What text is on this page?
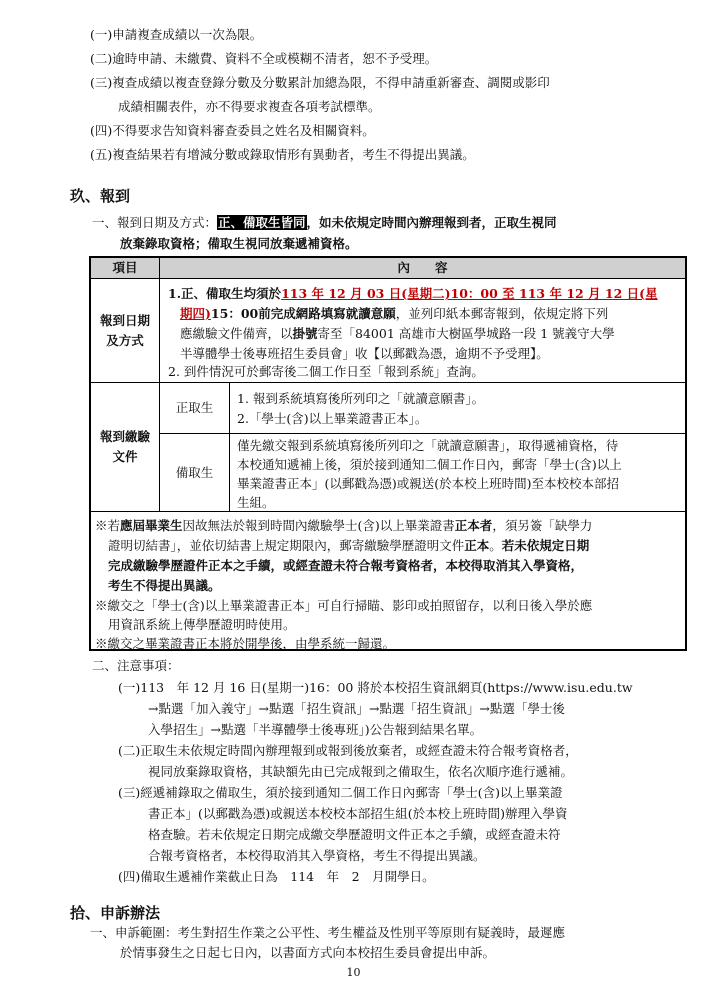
(一)申請複查成績以一次為限。
(二)逾時申請、未繳費、資料不全或模糊不清者，恕不予受理。
(三)複查成績以複查登錄分數及分數累計加總為限，不得申請重新審查、調閱或影印
成績相關表件，亦不得要求複查各項考試標準。
(四)不得要求告知資料審查委員之姓名及相關資料。
(五)複查結果若有增減分數或錄取情形有異動者，考生不得提出異議。
玖、報到
一、報到日期及方式：正、備取生皆同，如未依規定時間內辦理報到者，正取生視同
放棄錄取資格；備取生視同放棄遞補資格。
項目	內　　容
報到日期
及方式
1.正、備取生均須於113 年 12 月 03 日(星期二)10：00 至 113 年 12 月 12 日(星
期四)15：00前完成網路填寫就讀意願，並列印紙本郵寄報到，依規定將下列
應繳驗文件備齊，以掛號寄至「84001 高雄市大樹區學城路一段 1 號義守大學
半導體學士後專班招生委員會」收【以郵戳為憑，逾期不予受理】。
2. 到件情況可於郵寄後二個工作日至「報到系統」查詢。
報到繳驗
文件
正取生
1. 報到系統填寫後所列印之「就讀意願書」。
2.「學士(含)以上畢業證書正本」。
備取生
僅先繳交報到系統填寫後所列印之「就讀意願書」，取得遞補資格，待
本校通知遞補上後，須於接到通知二個工作日內，郵寄「學士(含)以上
畢業證書正本」(以郵戳為憑)或親送(於本校上班時間)至本校校本部招
生組。
※若應屆畢業生因故無法於報到時間內繳驗學士(含)以上畢業證書正本者，須另簽「缺學力
證明切結書」，並依切結書上規定期限內，郵寄繳驗學歷證明文件正本。若未依規定日期
完成繳驗學歷證件正本之手續，或經查證未符合報考資格者，本校得取消其入學資格，
考生不得提出異議。
※繳交之「學士(含)以上畢業證書正本」可自行掃瞄、影印或拍照留存，以利日後入學於應
用資訊系統上傳學歷證明時使用。
※繳交之畢業證書正本將於開學後，由學系統一歸還。
二、注意事項：
(一)113　年 12 月 16 日(星期一)16：00 將於本校招生資訊網頁(https://www.isu.edu.tw
→點選「加入義守」→點選「招生資訊」→點選「招生資訊」→點選「學士後
入學招生」→點選「半導體學士後專班」)公告報到結果名單。
(二)正取生未依規定時間內辦理報到或報到後放棄者，或經查證未符合報考資格者，
視同放棄錄取資格，其缺額先由已完成報到之備取生，依名次順序進行遞補。
(三)經遞補錄取之備取生，須於接到通知二個工作日內郵寄「學士(含)以上畢業證
書正本」(以郵戳為憑)或親送本校校本部招生組(於本校上班時間)辦理入學資
格查驗。若未依規定日期完成繳交學歷證明文件正本之手續，或經查證未符
合報考資格者，本校得取消其入學資格，考生不得提出異議。
(四)備取生遞補作業截止日為　114　年　2　月開學日。
拾、申訴辦法
一、申訴範圍：考生對招生作業之公平性、考生權益及性別平等原則有疑義時，最遲應
於情事發生之日起七日內，以書面方式向本校招生委員會提出申訴。
10
